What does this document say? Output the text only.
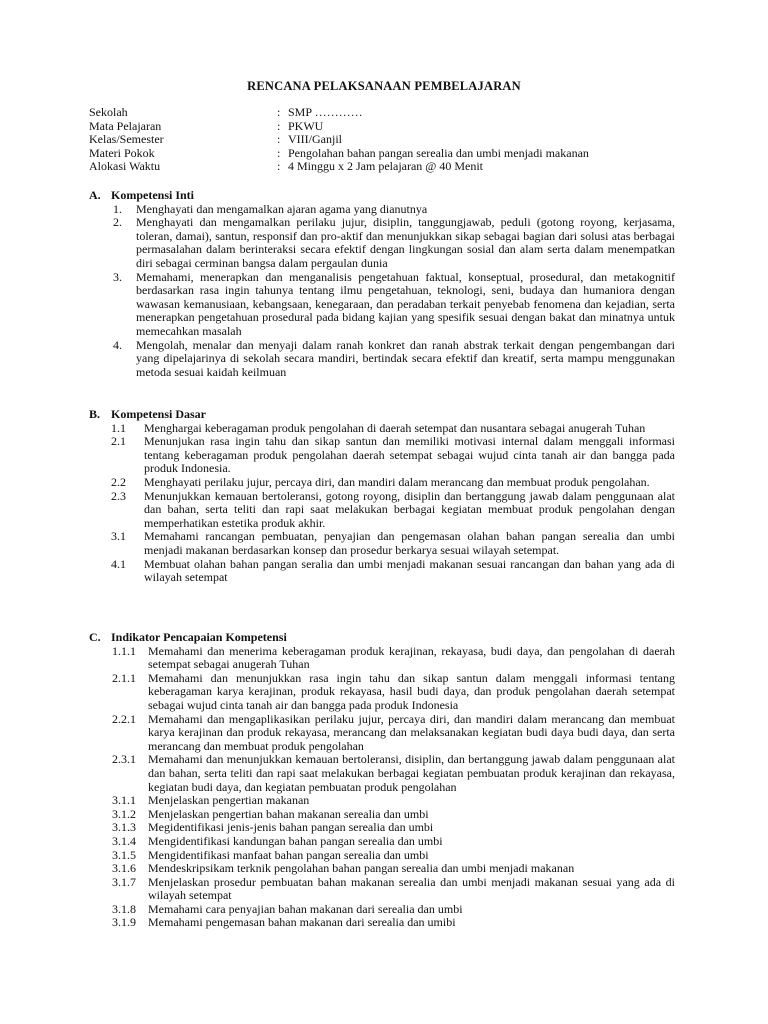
RENCANA PELAKSANAAN PEMBELAJARAN
Sekolah	: SMP …………
Mata Pelajaran	: PKWU
Kelas/Semester	: VIII/Ganjil
Materi Pokok	: Pengolahan bahan pangan serealia dan umbi menjadi makanan
Alokasi Waktu	: 4 Minggu x 2 Jam pelajaran @ 40 Menit
A. Kompetensi Inti
1. Menghayati dan mengamalkan ajaran agama yang dianutnya
2. Menghayati dan mengamalkan perilaku jujur, disiplin, tanggungjawab, peduli (gotong royong, kerjasama, toleran, damai), santun, responsif dan pro-aktif dan menunjukkan sikap sebagai bagian dari solusi atas berbagai permasalahan dalam berinteraksi secara efektif dengan lingkungan sosial dan alam serta dalam menempatkan diri sebagai cerminan bangsa dalam pergaulan dunia
3. Memahami, menerapkan dan menganalisis pengetahuan faktual, konseptual, prosedural, dan metakognitif berdasarkan rasa ingin tahunya tentang ilmu pengetahuan, teknologi, seni, budaya dan humaniora dengan wawasan kemanusiaan, kebangsaan, kenegaraan, dan peradaban terkait penyebab fenomena dan kejadian, serta menerapkan pengetahuan prosedural pada bidang kajian yang spesifik sesuai dengan bakat dan minatnya untuk memecahkan masalah
4. Mengolah, menalar dan menyaji dalam ranah konkret dan ranah abstrak terkait dengan pengembangan dari yang dipelajarinya di sekolah secara mandiri, bertindak secara efektif dan kreatif, serta mampu menggunakan metoda sesuai kaidah keilmuan
B. Kompetensi Dasar
1.1 Menghargai keberagaman produk pengolahan di daerah setempat dan nusantara sebagai anugerah Tuhan
2.1 Menunjukan rasa ingin tahu dan sikap santun dan memiliki motivasi internal dalam menggali informasi tentang keberagaman produk pengolahan daerah setempat sebagai wujud cinta tanah air dan bangga pada produk Indonesia.
2.2 Menghayati perilaku jujur, percaya diri, dan mandiri dalam merancang dan membuat produk pengolahan.
2.3 Menunjukkan kemauan bertoleransi, gotong royong, disiplin dan bertanggung jawab dalam penggunaan alat dan bahan, serta teliti dan rapi saat melakukan berbagai kegiatan membuat produk pengolahan dengan memperhatikan estetika produk akhir.
3.1 Memahami rancangan pembuatan, penyajian dan pengemasan olahan bahan pangan serealia dan umbi menjadi makanan berdasarkan konsep dan prosedur berkarya sesuai wilayah setempat.
4.1 Membuat olahan bahan pangan seralia dan umbi menjadi makanan sesuai rancangan dan bahan yang ada di wilayah setempat
C. Indikator Pencapaian Kompetensi
1.1.1 Memahami dan menerima keberagaman produk kerajinan, rekayasa, budi daya, dan pengolahan di daerah setempat sebagai anugerah Tuhan
2.1.1 Memahami dan menunjukkan rasa ingin tahu dan sikap santun dalam menggali informasi tentang keberagaman karya kerajinan, produk rekayasa, hasil budi daya, dan produk pengolahan daerah setempat sebagai wujud cinta tanah air dan bangga pada produk Indonesia
2.2.1 Memahami dan mengaplikasikan perilaku jujur, percaya diri, dan mandiri dalam merancang dan membuat karya kerajinan dan produk rekayasa, merancang dan melaksanakan kegiatan budi daya budi daya, dan serta merancang dan membuat produk pengolahan
2.3.1 Memahami dan menunjukkan kemauan bertoleransi, disiplin, dan bertanggung jawab dalam penggunaan alat dan bahan, serta teliti dan rapi saat melakukan berbagai kegiatan pembuatan produk kerajinan dan rekayasa, kegiatan budi daya, dan kegiatan pembuatan produk pengolahan
3.1.1 Menjelaskan pengertian makanan
3.1.2 Menjelaskan pengertian bahan makanan serealia dan umbi
3.1.3 Megidentifikasi jenis-jenis bahan pangan serealia dan umbi
3.1.4 Mengidentifikasi kandungan bahan pangan serealia dan umbi
3.1.5 Mengidentifikasi manfaat bahan pangan serealia dan umbi
3.1.6 Mendeskripsikam terknik pengolahan bahan pangan serealia dan umbi menjadi makanan
3.1.7 Menjelaskan prosedur pembuatan bahan makanan serealia dan umbi menjadi makanan sesuai yang ada di wilayah setempat
3.1.8 Memahami cara penyajian bahan makanan dari serealia dan umbi
3.1.9 Memahami pengemasan bahan makanan dari serealia dan umibi
